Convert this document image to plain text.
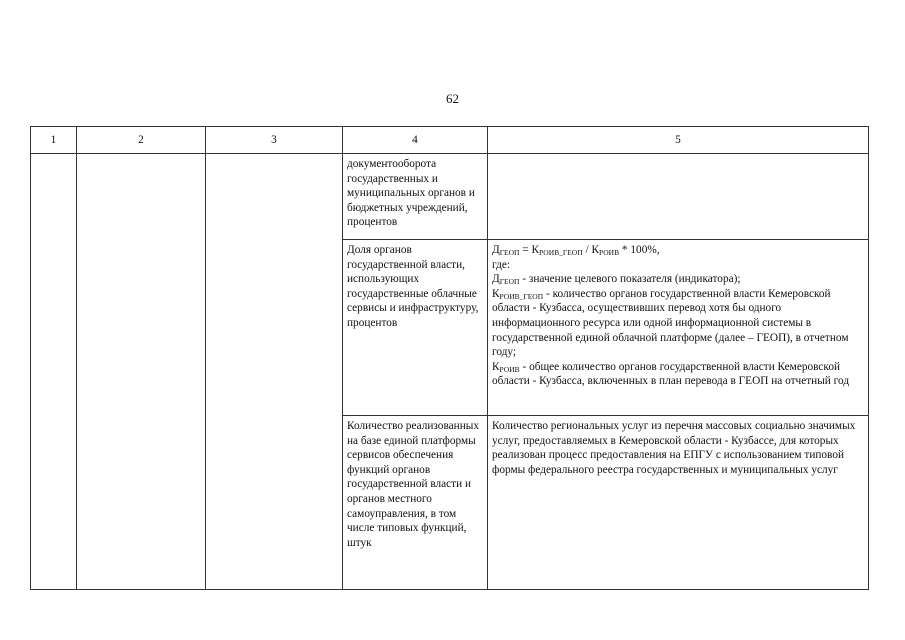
62
1	2	3	4	5
			документооборота государственных и муниципальных органов и бюджетных учреждений, процентов	
			Доля органов государственной власти, использующих государственные облачные сервисы и инфраструктуру, процентов	$Д_{ГЕОП} = К_{РОИВ\_ГЕОП} / К_{РОИВ} * 100\%$,
где:
$Д_{ГЕОП}$ - значение целевого показателя (индикатора);
$К_{РОИВ\_ГЕОП}$ - количество органов государственной власти Кемеровской области - Кузбасса, осуществивших перевод хотя бы одного информационного ресурса или одной информационной системы в государственной единой облачной платформе (далее – ГЕОП), в отчетном году;
$К_{РОИВ}$ - общее количество органов государственной власти Кемеровской области - Кузбасса, включенных в план перевода в ГЕОП на отчетный год

			Количество реализованных на базе единой платформы сервисов обеспечения функций органов государственной власти и органов местного самоуправления, в том числе типовых функций, штук	Количество региональных услуг из перечня массовых социально значимых услуг, предоставляемых в Кемеровской области - Кузбассе, для которых реализован процесс предоставления на ЕПГУ с использованием типовой формы федерального реестра государственных и муниципальных услуг
